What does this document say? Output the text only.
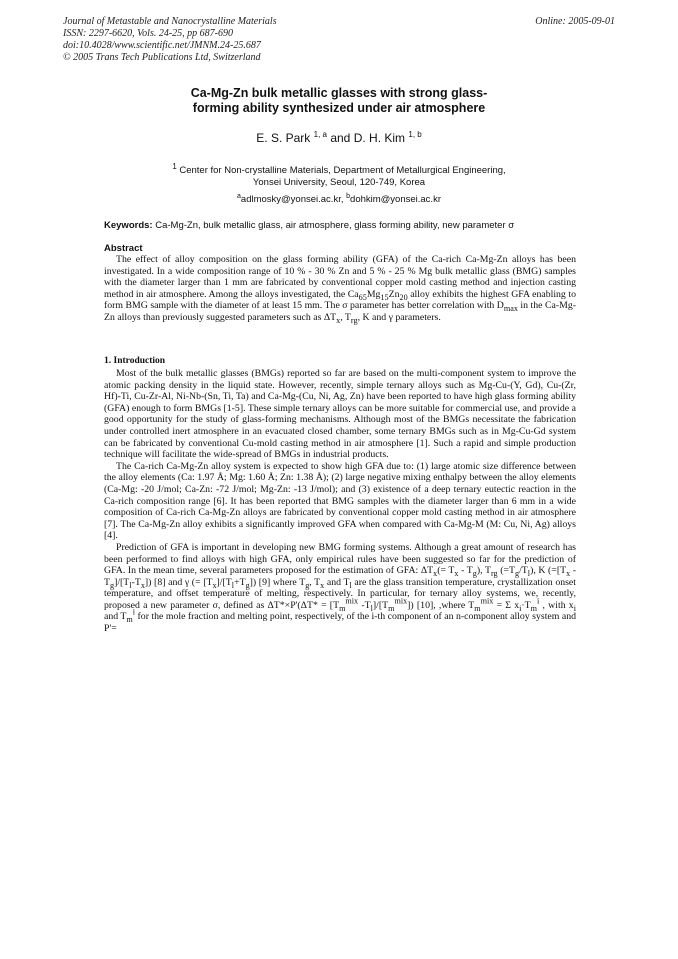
Journal of Metastable and Nanocrystalline Materials
ISSN: 2297-6620, Vols. 24-25, pp 687-690
doi:10.4028/www.scientific.net/JMNM.24-25.687
© 2005 Trans Tech Publications Ltd, Switzerland
Online: 2005-09-01
Ca-Mg-Zn bulk metallic glasses with strong glass-
forming ability synthesized under air atmosphere
E. S. Park $^{1, a}$ and D. H. Kim $^{1, b}$
$^1$ Center for Non-crystalline Materials, Department of Metallurgical Engineering,
Yonsei University, Seoul, 120-749, Korea
$^a$adlmosky@yonsei.ac.kr, $^b$dohkim@yonsei.ac.kr
Keywords: Ca-Mg-Zn, bulk metallic glass, air atmosphere, glass forming ability, new parameter σ
Abstract

The effect of alloy composition on the glass forming ability (GFA) of the Ca-rich Ca-Mg-Zn alloys has been investigated. In a wide composition range of 10 % - 30 % Zn and 5 % - 25 % Mg bulk metallic glass (BMG) samples with the diameter larger than 1 mm are fabricated by conventional copper mold casting method and injection casting method in air atmosphere. Among the alloys investigated, the $Ca_{65}Mg_{15}Zn_{20}$ alloy exhibits the highest GFA enabling to form BMG sample with the diameter of at least 15 mm. The σ parameter has better correlation with $D_{max}$ in the Ca-Mg-Zn alloys than previously suggested parameters such as $\Delta T_x$, $T_{rg}$, K and γ parameters.

1. Introduction

Most of the bulk metallic glasses (BMGs) reported so far are based on the multi-component system to improve the atomic packing density in the liquid state. However, recently, simple ternary alloys such as Mg-Cu-(Y, Gd), Cu-(Zr, Hf)-Ti, Cu-Zr-Al, Ni-Nb-(Sn, Ti, Ta) and Ca-Mg-(Cu, Ni, Ag, Zn) have been reported to have high glass forming ability (GFA) enough to form BMGs [1-5]. These simple ternary alloys can be more suitable for commercial use, and provide a good opportunity for the study of glass-forming mechanisms. Although most of the BMGs necessitate the fabrication under controlled inert atmosphere in an evacuated closed chamber, some ternary BMGs such as in Mg-Cu-Gd system can be fabricated by conventional Cu-mold casting method in air atmosphere [1]. Such a rapid and simple production technique will facilitate the wide-spread of BMGs in industrial products.

The Ca-rich Ca-Mg-Zn alloy system is expected to show high GFA due to: (1) large atomic size difference between the alloy elements (Ca: 1.97 Å; Mg: 1.60 Å; Zn: 1.38 Å); (2) large negative mixing enthalpy between the alloy elements (Ca-Mg: -20 J/mol; Ca-Zn: -72 J/mol; Mg-Zn: -13 J/mol); and (3) existence of a deep ternary eutectic reaction in the Ca-rich composition range [6]. It has been reported that BMG samples with the diameter larger than 6 mm in a wide composition of Ca-rich Ca-Mg-Zn alloys are fabricated by conventional copper mold casting method in air atmosphere [7]. The Ca-Mg-Zn alloy exhibits a significantly improved GFA when compared with Ca-Mg-M (M: Cu, Ni, Ag) alloys [4].

Prediction of GFA is important in developing new BMG forming systems. Although a great amount of research has been performed to find alloys with high GFA, only empirical rules have been suggested so far for the prediction of GFA. In the mean time, several parameters proposed for the estimation of GFA: $\Delta T_x(= T_x - T_g)$, $T_{rg}$ $(=T_g/T_l)$, K ($=[T_x$ $-T_g]/[T_l-T_x]$) [8] and γ (= $[T_x]/[T_l+T_g]$) [9] where $T_g$, $T_x$ and $T_l$ are the glass transition temperature, crystallization onset temperature, and offset temperature of melting, respectively. In particular, for ternary alloy systems, we, recently, proposed a new parameter σ, defined as $\Delta T*\times P'(\Delta T* = [T_m^{mix}$ $-T_l]/[T_m^{mix}]$) [10], ,where $T_m^{mix} = \Sigma$ $x_i\cdot T_m^i$ , with $x_i$ and $T_m^i$ for the mole fraction and melting point, respectively, of the i-th component of an n-component alloy system and P'=
